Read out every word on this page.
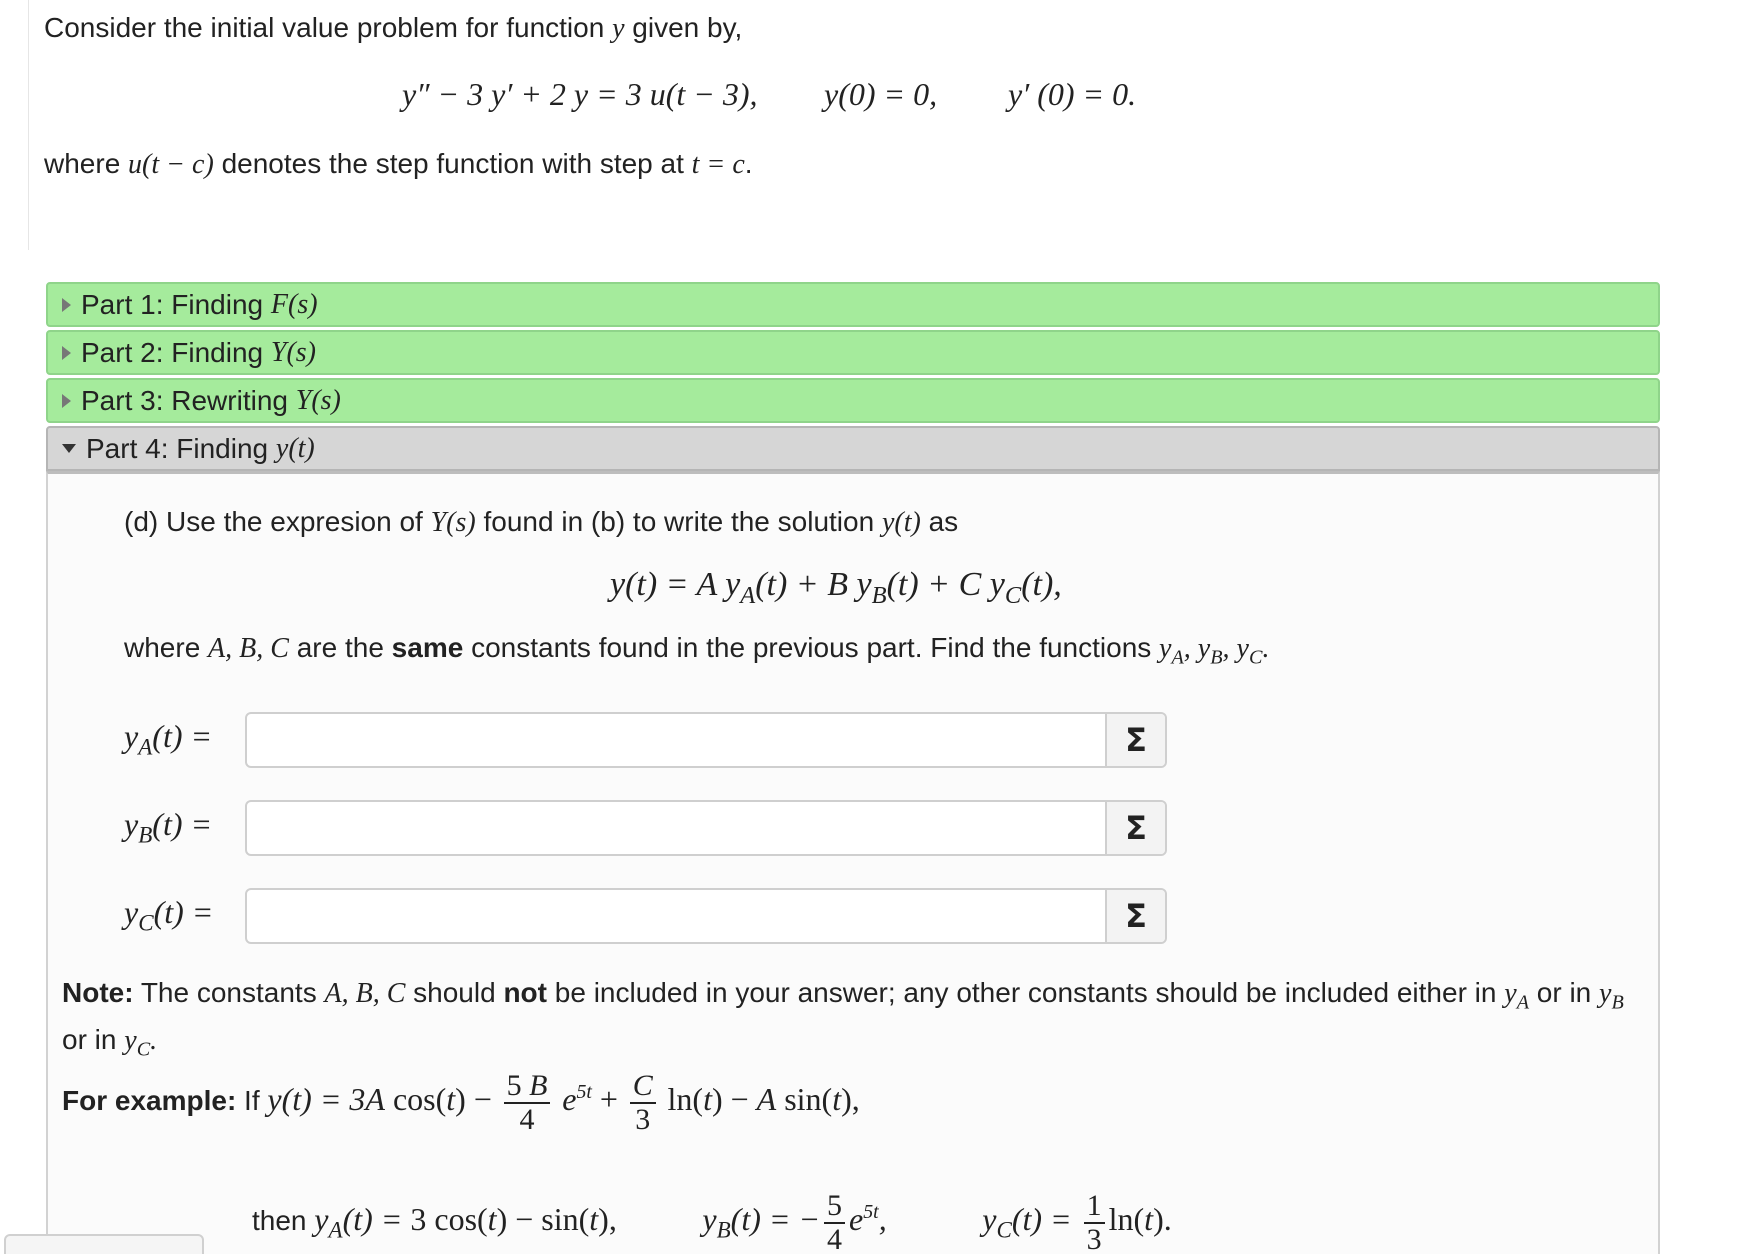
Consider the initial value problem for function y given by,
y″ − 3 y′ + 2 y = 3 u(t − 3), y(0) = 0, y′ (0) = 0.
where u(t − c) denotes the step function with step at t = c.
Part 1: Finding
F(s)
Part 2: Finding
Y(s)
Part 3: Rewriting
Y(s)
Part 4: Finding
y(t)
(d) Use the expresion of Y(s) found in (b) to write the solution y(t) as
y(t) = A $y_A(t) + B$ $y_B(t) + C$ $y_C(t)$,
where A, B, C are the same constants found in the previous part. Find the functions $y_A$, $y_B$, $y_C$.
$y_A(t)$ =	Σ
$y_B(t)$ =	Σ
$y_C(t)$ =	Σ
Note: The constants A, B, C should not be included in your answer; any other constants should be included either in $y_A$ or in $y_B$ or in $y_C$.
For example: If y(t) = 3A $\cos(t) - \frac{5 B}{4} e^{5t} + \frac{C}{3} \ln(t) - A$ sin(t),
then $y_A(t) = 3$ cos(t) − sin(t),	$y_B(t)$ = − $\frac{5}{4} e^{5t}$,	$y_C(t) = \frac{1}{3} \ln(t)$.
